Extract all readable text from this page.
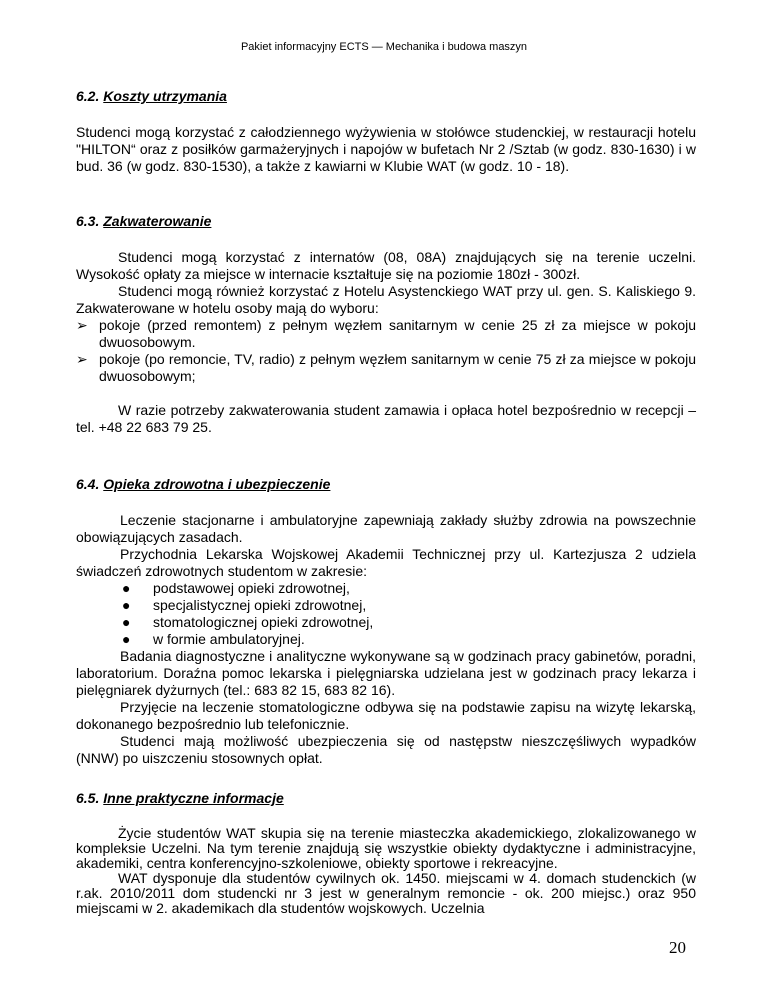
Pakiet informacyjny ECTS — Mechanika i budowa maszyn
6.2. Koszty utrzymania

Studenci mogą korzystać z całodziennego wyżywienia w stołówce studenckiej, w restauracji hotelu "HILTON“ oraz z posiłków garmażeryjnych i napojów w bufetach Nr 2 /Sztab (w godz. 830-1630) i w bud. 36 (w godz. 830-1530), a także z kawiarni w Klubie WAT (w godz. 10 - 18).

6.3. Zakwaterowanie

Studenci mogą korzystać z internatów (08, 08A) znajdujących się na terenie uczelni. Wysokość opłaty za miejsce w internacie kształtuje się na poziomie 180zł - 300zł.

Studenci mogą również korzystać z Hotelu Asystenckiego WAT przy ul. gen. S. Kaliskiego 9. Zakwaterowane w hotelu osoby mają do wyboru:

➢ pokoje (przed remontem) z pełnym węzłem sanitarnym w cenie 25 zł za miejsce w pokoju dwuosobowym.
➢ pokoje (po remoncie, TV, radio) z pełnym węzłem sanitarnym w cenie 75 zł za miejsce w pokoju dwuosobowym;

W razie potrzeby zakwaterowania student zamawia i opłaca hotel bezpośrednio w recepcji – tel. +48 22 683 79 25.

6.4. Opieka zdrowotna i ubezpieczenie

Leczenie stacjonarne i ambulatoryjne zapewniają zakłady służby zdrowia na powszechnie obowiązujących zasadach.

Przychodnia Lekarska Wojskowej Akademii Technicznej przy ul. Kartezjusza 2 udziela świadczeń zdrowotnych studentom w zakresie:

● podstawowej opieki zdrowotnej,
● specjalistycznej opieki zdrowotnej,
● stomatologicznej opieki zdrowotnej,
● w formie ambulatoryjnej.

Badania diagnostyczne i analityczne wykonywane są w godzinach pracy gabinetów, poradni, laboratorium. Doraźna pomoc lekarska i pielęgniarska udzielana jest w godzinach pracy lekarza i pielęgniarek dyżurnych (tel.: 683 82 15, 683 82 16).

Przyjęcie na leczenie stomatologiczne odbywa się na podstawie zapisu na wizytę lekarską, dokonanego bezpośrednio lub telefonicznie.

Studenci mają możliwość ubezpieczenia się od następstw nieszczęśliwych wypadków (NNW) po uiszczeniu stosownych opłat.

6.5. Inne praktyczne informacje

Życie studentów WAT skupia się na terenie miasteczka akademickiego, zlokalizowanego w kompleksie Uczelni. Na tym terenie znajdują się wszystkie obiekty dydaktyczne i administracyjne, akademiki, centra konferencyjno-szkoleniowe, obiekty sportowe i rekreacyjne.

WAT dysponuje dla studentów cywilnych ok. 1450. miejscami w 4. domach studenckich (w r.ak. 2010/2011 dom studencki nr 3 jest w generalnym remoncie - ok. 200 miejsc.) oraz 950 miejscami w 2. akademikach dla studentów wojskowych. Uczelnia

20
